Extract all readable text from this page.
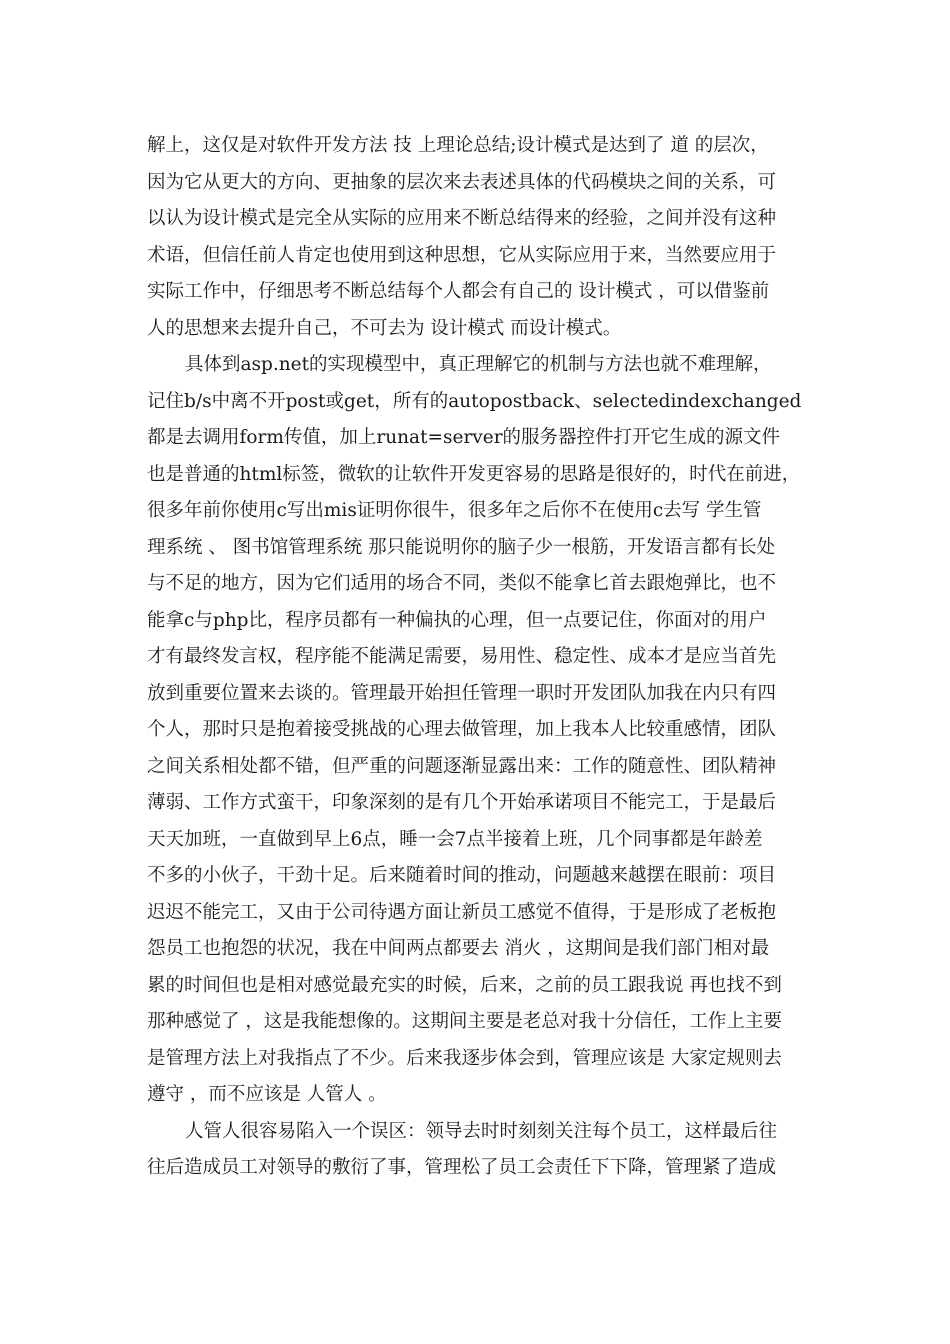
解上，这仅是对软件开发方法 技 上理论总结;设计模式是达到了 道 的层次，
因为它从更大的方向、更抽象的层次来去表述具体的代码模块之间的关系，可
以认为设计模式是完全从实际的应用来不断总结得来的经验，之间并没有这种
术语，但信任前人肯定也使用到这种思想，它从实际应用于来，当然要应用于
实际工作中，仔细思考不断总结每个人都会有自己的 设计模式 ，可以借鉴前
人的思想来去提升自己，不可去为 设计模式 而设计模式。
具体到asp.net的实现模型中，真正理解它的机制与方法也就不难理解，
记住b/s中离不开post或get，所有的autopostback、selectedindexchanged
都是去调用form传值，加上runat=server的服务器控件打开它生成的源文件
也是普通的html标签，微软的让软件开发更容易的思路是很好的，时代在前进，
很多年前你使用c写出mis证明你很牛，很多年之后你不在使用c去写 学生管
理系统 、 图书馆管理系统 那只能说明你的脑子少一根筋，开发语言都有长处
与不足的地方，因为它们适用的场合不同，类似不能拿匕首去跟炮弹比，也不
能拿c与php比，程序员都有一种偏执的心理，但一点要记住，你面对的用户
才有最终发言权，程序能不能满足需要，易用性、稳定性、成本才是应当首先
放到重要位置来去谈的。管理最开始担任管理一职时开发团队加我在内只有四
个人，那时只是抱着接受挑战的心理去做管理，加上我本人比较重感情，团队
之间关系相处都不错，但严重的问题逐渐显露出来：工作的随意性、团队精神
薄弱、工作方式蛮干，印象深刻的是有几个开始承诺项目不能完工，于是最后
天天加班，一直做到早上6点，睡一会7点半接着上班，几个同事都是年龄差
不多的小伙子，干劲十足。后来随着时间的推动，问题越来越摆在眼前：项目
迟迟不能完工，又由于公司待遇方面让新员工感觉不值得，于是形成了老板抱
怨员工也抱怨的状况，我在中间两点都要去 消火 ，这期间是我们部门相对最
累的时间但也是相对感觉最充实的时候，后来，之前的员工跟我说 再也找不到
那种感觉了 ，这是我能想像的。这期间主要是老总对我十分信任，工作上主要
是管理方法上对我指点了不少。后来我逐步体会到，管理应该是 大家定规则去
遵守 ，而不应该是 人管人 。
人管人很容易陷入一个误区：领导去时时刻刻关注每个员工，这样最后往
往后造成员工对领导的敷衍了事，管理松了员工会责任下下降，管理紧了造成
